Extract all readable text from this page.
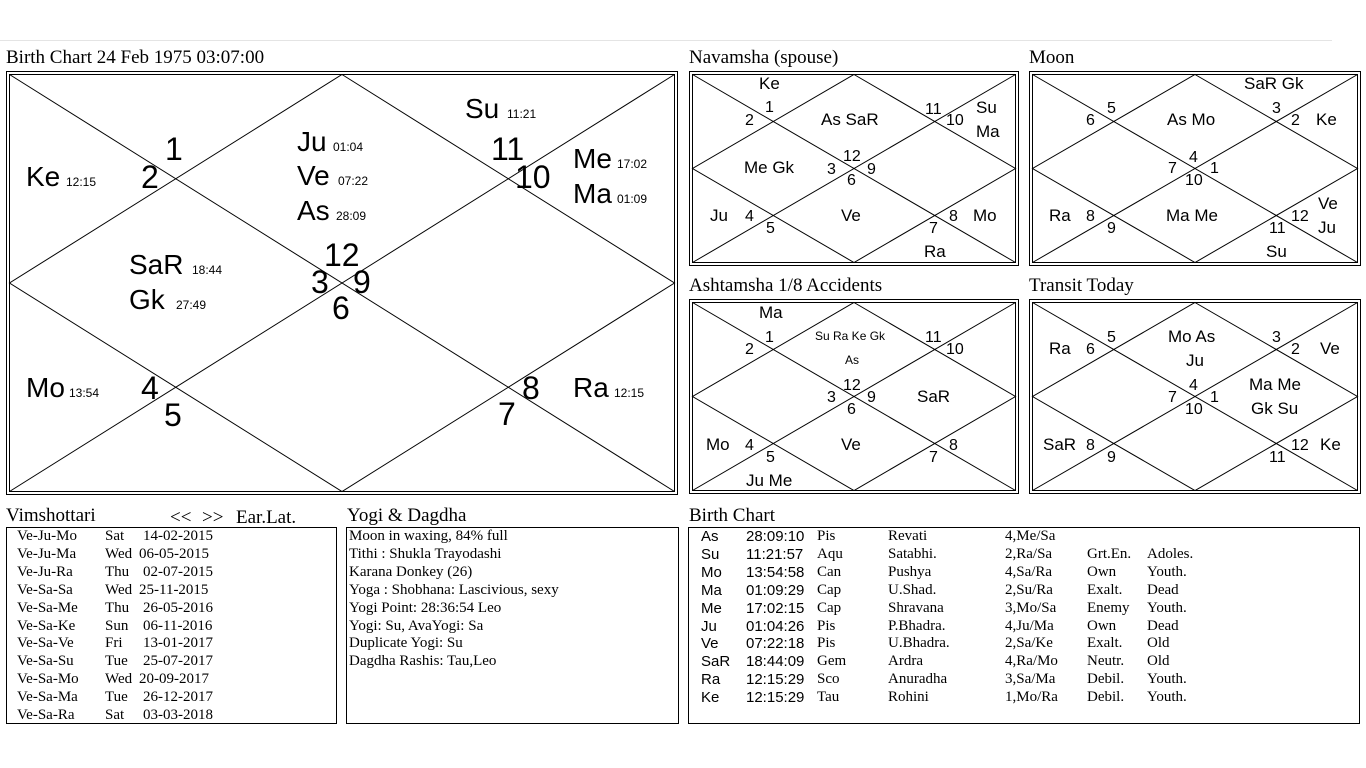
Birth Chart 24 Feb 1975 03:07:00
1
2
3
4
5
6
7
8
9
10
11
12
Ke 12:15
Ju 01:04
Ve 07:22
As 28:09
Su 11:21
Me 17:02
Ma 01:09
SaR 18:44
Gk 27:49
Mo 13:54	Ra 12:15
Navamsha (spouse)
1
2
12
3 9
6
11
10
4
5	7
8
Ke
As SaR
Su
Ma
Me Gk
Ju	Ve	Mo
Ra
Moon
5
6
3
2
4
7 1
10
8
9
12
11
SaR Gk
Ke
As Mo
Ra	Ma Me
Ve
Ju
Su
Ashtamsha 1/8 Accidents
1
2
11
10
12
3 9
6
4
5
8
7
Ma
Su Ra Ke Gk
As
SaR
Mo	Ve
Ju Me
Transit Today
5
6
3
2
4
7 1
10
8
9
12
11
Ra
Mo As
Ju
Ve
Ma Me
Gk Su
SaR	Ke
Vimshottari	<< >> Ear.Lat.
Ve-Ju-Mo	Sat	14-02-2015
Ve-Ju-Ma	Wed 06-05-2015
Ve-Ju-Ra	Thu 02-07-2015
Ve-Sa-Sa	Wed 25-11-2015
Ve-Sa-Me	Thu 26-05-2016
Ve-Sa-Ke	Sun 06-11-2016
Ve-Sa-Ve	Fri	13-01-2017
Ve-Sa-Su	Tue	25-07-2017
Ve-Sa-Mo	Wed 20-09-2017
Ve-Sa-Ma	Tue	26-12-2017
Ve-Sa-Ra	Sat	03-03-2018
Yogi & Dagdha
Moon in waxing, 84% full
Tithi : Shukla Trayodashi
Karana Donkey (26)
Yoga : Shobhana: Lascivious, sexy
Yogi Point: 28:36:54 Leo
Yogi: Su, AvaYogi: Sa
Duplicate Yogi: Su
Dagdha Rashis: Tau,Leo
Birth Chart
As	28:09:10 Pis	Revati	4,Me/Sa
Su	11:21:57 Aqu	Satabhi.	2,Ra/Sa	Grt.En.	Adoles.
Mo	13:54:58 Can	Pushya	4,Sa/Ra	Own	Youth.
Ma	01:09:29 Cap	U.Shad.	2,Su/Ra	Exalt.	Dead
Me	17:02:15 Cap	Shravana	3,Mo/Sa	Enemy	Youth.
Ju	01:04:26 Pis	P.Bhadra.	4,Ju/Ma	Own	Dead
Ve	07:22:18 Pis	U.Bhadra.	2,Sa/Ke	Exalt.	Old
SaR	18:44:09 Gem	Ardra	4,Ra/Mo	Neutr.	Old
Ra	12:15:29 Sco	Anuradha	3,Sa/Ma	Debil.	Youth.
Ke	12:15:29 Tau	Rohini	1,Mo/Ra	Debil.	Youth.
